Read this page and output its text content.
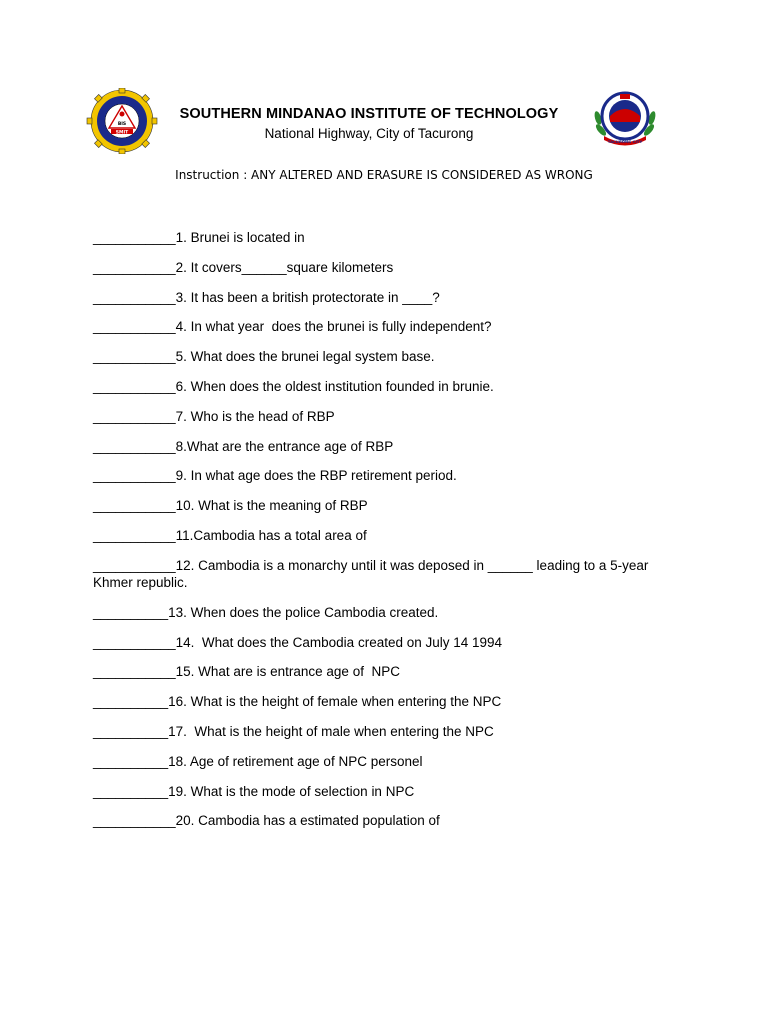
SMIT
BIS
SOUTHERN MINDANAO INSTITUTE OF TECHNOLOGY
National Highway, City of Tacurong
TACURONG CITY
Instruction : ANY ALTERED AND ERASURE IS CONSIDERED AS WRONG
___________1. Brunei is located in
___________2. It covers______square kilometers
___________3. It has been a british protectorate in ____?
___________4. In what year  does the brunei is fully independent?
___________5. What does the brunei legal system base.
___________6. When does the oldest institution founded in brunie.
___________7. Who is the head of RBP
___________8.What are the entrance age of RBP
___________9. In what age does the RBP retirement period.
___________10. What is the meaning of RBP
___________11.Cambodia has a total area of
___________12. Cambodia is a monarchy until it was deposed in ______ leading to a 5-year Khmer republic.
__________13. When does the police Cambodia created.
___________14.  What does the Cambodia created on July 14 1994
___________15. What are is entrance age of  NPC
__________16. What is the height of female when entering the NPC
__________17.  What is the height of male when entering the NPC
__________18. Age of retirement age of NPC personel
__________19. What is the mode of selection in NPC
___________20. Cambodia has a estimated population of
